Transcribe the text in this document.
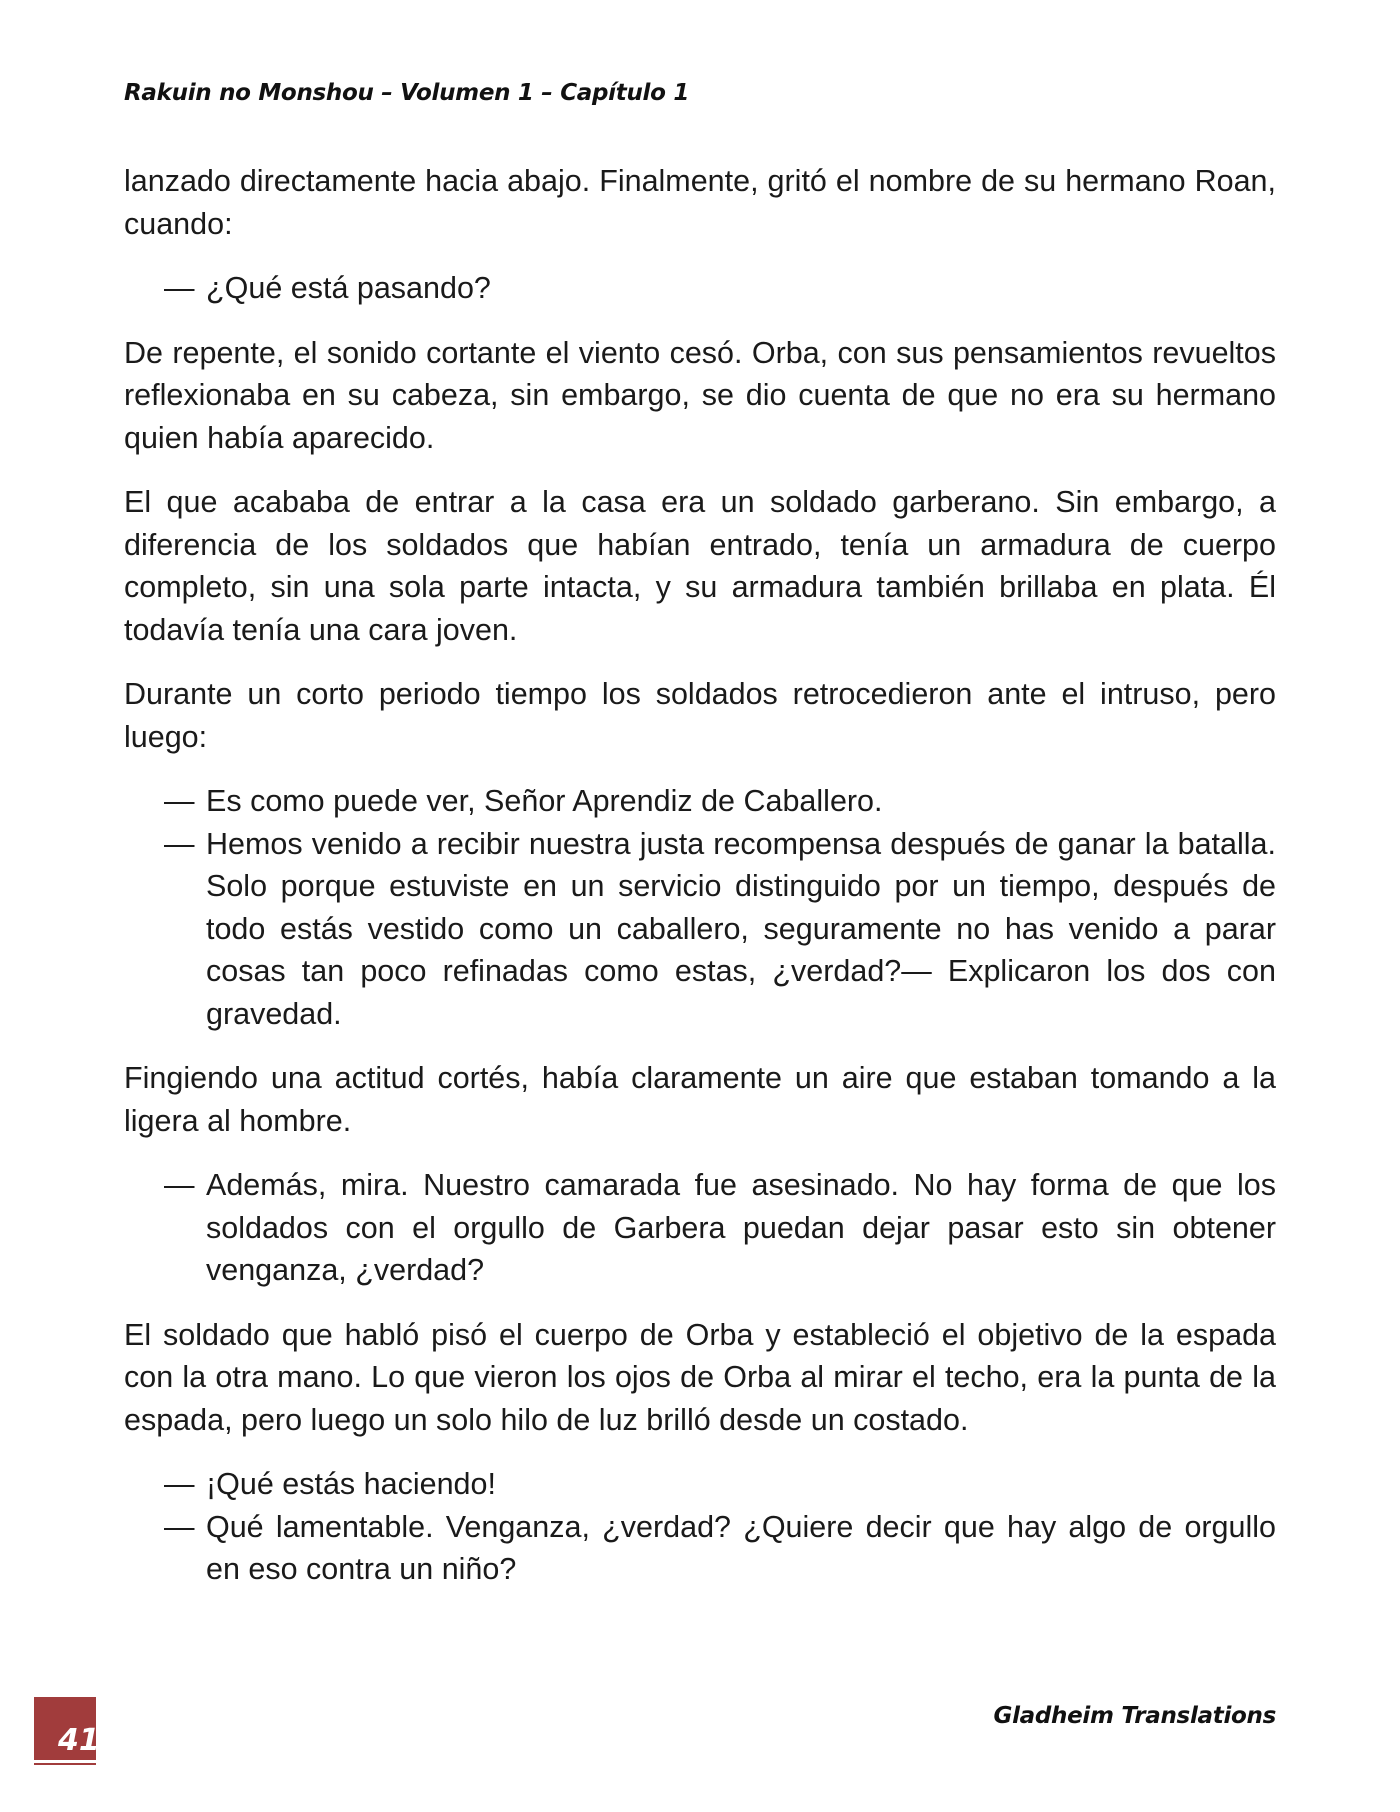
Rakuin no Monshou – Volumen 1 – Capítulo 1

lanzado directamente hacia abajo. Finalmente, gritó el nombre de su hermano Roan, cuando:

— ¿Qué está pasando?

De repente, el sonido cortante el viento cesó. Orba, con sus pensamientos revueltos reflexionaba en su cabeza, sin embargo, se dio cuenta de que no era su hermano quien había aparecido.

El que acababa de entrar a la casa era un soldado garberano. Sin embargo, a diferencia de los soldados que habían entrado, tenía un armadura de cuerpo completo, sin una sola parte intacta, y su armadura también brillaba en plata. Él todavía tenía una cara joven.

Durante un corto periodo tiempo los soldados retrocedieron ante el intruso, pero luego:

— Es como puede ver, Señor Aprendiz de Caballero.
— Hemos venido a recibir nuestra justa recompensa después de ganar la batalla. Solo porque estuviste en un servicio distinguido por un tiempo, después de todo estás vestido como un caballero, seguramente no has venido a parar cosas tan poco refinadas como estas, ¿verdad?— Explicaron los dos con gravedad.

Fingiendo una actitud cortés, había claramente un aire que estaban tomando a la ligera al hombre.

— Además, mira. Nuestro camarada fue asesinado. No hay forma de que los soldados con el orgullo de Garbera puedan dejar pasar esto sin obtener venganza, ¿verdad?

El soldado que habló pisó el cuerpo de Orba y estableció el objetivo de la espada con la otra mano. Lo que vieron los ojos de Orba al mirar el techo, era la punta de la espada, pero luego un solo hilo de luz brilló desde un costado.

— ¡Qué estás haciendo!
— Qué lamentable. Venganza, ¿verdad? ¿Quiere decir que hay algo de orgullo en eso contra un niño?
41
Gladheim Translations
